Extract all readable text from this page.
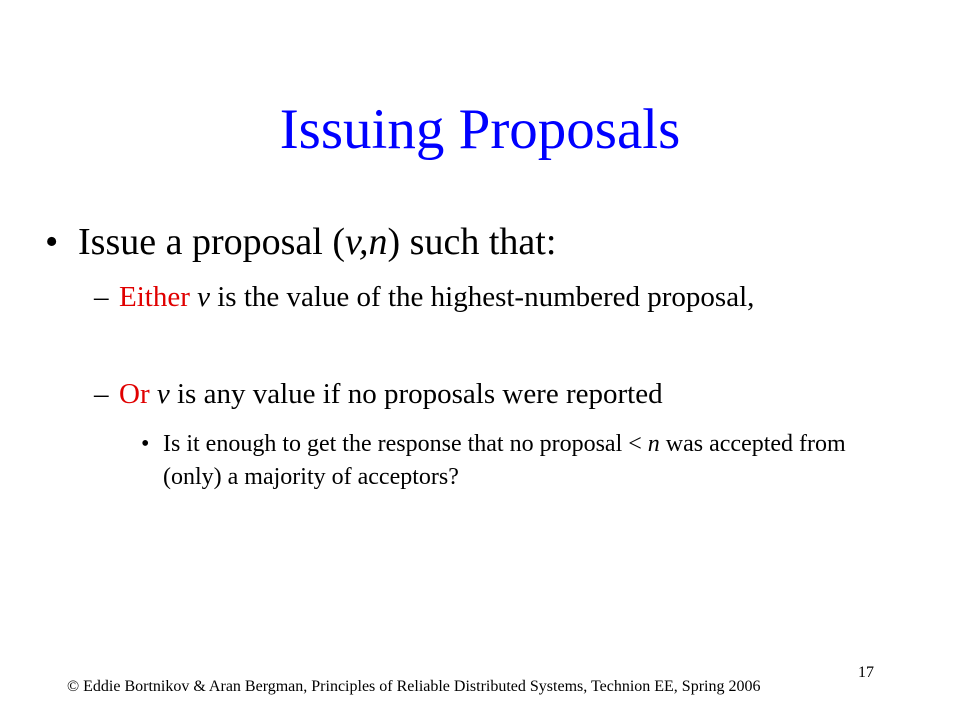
Issuing Proposals
• Issue a proposal (v,n) such that:
– Either v is the value of the highest-numbered proposal,
– Or v is any value if no proposals were reported
• Is it enough to get the response that no proposal < n was accepted from (only) a majority of acceptors?
© Eddie Bortnikov & Aran Bergman, Principles of Reliable Distributed Systems, Technion EE, Spring 2006
17
